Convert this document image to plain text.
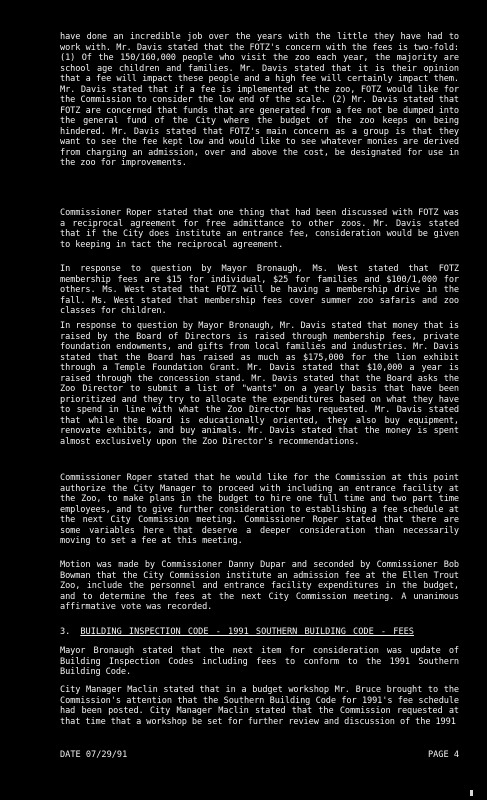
have done an incredible job over the years with the little they have had to work with. Mr. Davis stated that the FOTZ's concern with the fees is two-fold: (1) Of the 150/160,000 people who visit the zoo each year, the majority are school age children and families. Mr. Davis stated that it is their opinion that a fee will impact these people and a high fee will certainly impact them. Mr. Davis stated that if a fee is implemented at the zoo, FOTZ would like for the Commission to consider the low end of the scale. (2) Mr. Davis stated that FOTZ are concerned that funds that are generated from a fee not be dumped into the general fund of the City where the budget of the zoo keeps on being hindered. Mr. Davis stated that FOTZ's main concern as a group is that they want to see the fee kept low and would like to see whatever monies are derived from charging an admission, over and above the cost, be designated for use in the zoo for improvements.

Commissioner Roper stated that one thing that had been discussed with FOTZ was a reciprocal agreement for free admittance to other zoos. Mr. Davis stated that if the City does institute an entrance fee, consideration would be given to keeping in tact the reciprocal agreement.

In response to question by Mayor Bronaugh, Ms. West stated that FOTZ membership fees are $15 for individual, $25 for families and $100/1,000 for others. Ms. West stated that FOTZ will be having a membership drive in the fall. Ms. West stated that membership fees cover summer zoo safaris and zoo classes for children.

In response to question by Mayor Bronaugh, Mr. Davis stated that money that is raised by the Board of Directors is raised through membership fees, private foundation endowments, and gifts from local families and industries. Mr. Davis stated that the Board has raised as much as $175,000 for the lion exhibit through a Temple Foundation Grant. Mr. Davis stated that $10,000 a year is raised through the concession stand. Mr. Davis stated that the Board asks the Zoo Director to submit a list of "wants" on a yearly basis that have been prioritized and they try to allocate the expenditures based on what they have to spend in line with what the Zoo Director has requested. Mr. Davis stated that while the Board is educationally oriented, they also buy equipment, renovate exhibits, and buy animals. Mr. Davis stated that the money is spent almost exclusively upon the Zoo Director's recommendations.

Commissioner Roper stated that he would like for the Commission at this point authorize the City Manager to proceed with including an entrance facility at the Zoo, to make plans in the budget to hire one full time and two part time employees, and to give further consideration to establishing a fee schedule at the next City Commission meeting. Commissioner Roper stated that there are some variables here that deserve a deeper consideration than necessarily moving to set a fee at this meeting.

Motion was made by Commissioner Danny Dupar and seconded by Commissioner Bob Bowman that the City Commission institute an admission fee at the Ellen Trout Zoo, include the personnel and entrance facility expenditures in the budget, and to determine the fees at the next City Commission meeting. A unanimous affirmative vote was recorded.

3. BUILDING INSPECTION CODE - 1991 SOUTHERN BUILDING CODE - FEES

Mayor Bronaugh stated that the next item for consideration was update of Building Inspection Codes including fees to conform to the 1991 Southern Building Code.

City Manager Maclin stated that in a budget workshop Mr. Bruce brought to the Commission's attention that the Southern Building Code for 1991's fee schedule had been posted. City Manager Maclin stated that the Commission requested at that time that a workshop be set for further review and discussion of the 1991

DATE 07/29/91	PAGE 4
